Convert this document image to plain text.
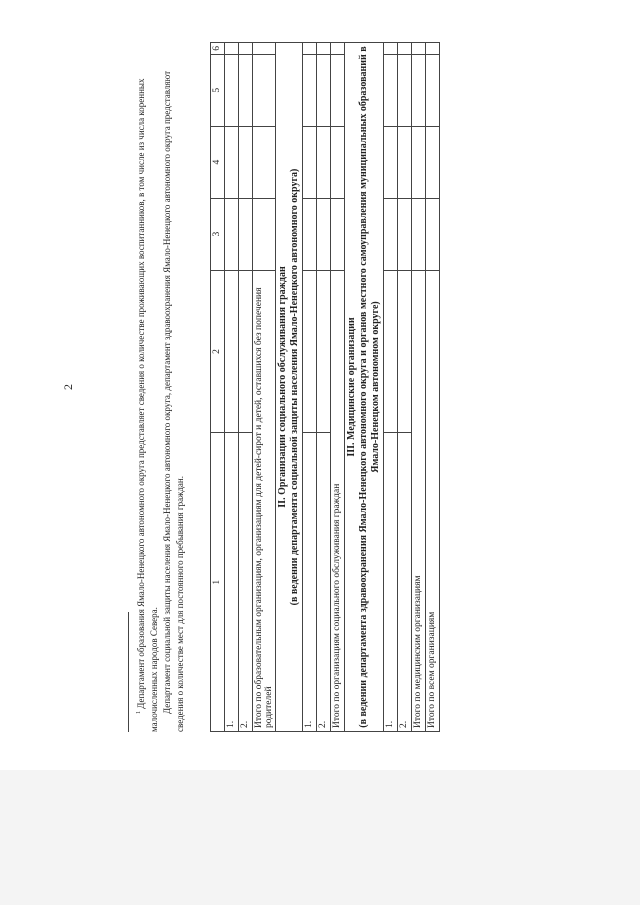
2
1	2	3	4	5	6
1.					
2.					
Итого по образовательным организациям, организациям для детей-сирот и детей, оставшихся без попечения родителей					

II. Организации социального обслуживания граждан (в ведении департамента социальной защиты населения Ямало-Ненецкого автономного округа)					

1.					
2.					
Итого по организациям социального обслуживания граждан					

III. Медицинские организации (в ведении департамента здравоохранения Ямало-Ненецкого автономного округа и органов местного самоуправления муниципальных образований в Ямало-Ненецком автономном округе)					

1.					
2.					
Итого по медицинским организациям					
Итого по всем организациям					

$^1$ Департамент образования Ямало-Ненецкого автономного округа представляет сведения о количестве проживающих воспитанников, в том числе из числа коренных малочисленных народов Севера. Департамент социальной защиты населения Ямало-Ненецкого автономного округа, департамент здравоохранения Ямало-Ненецкого автономного округа представляют сведения о количестве мест для постоянного пребывания граждан.
